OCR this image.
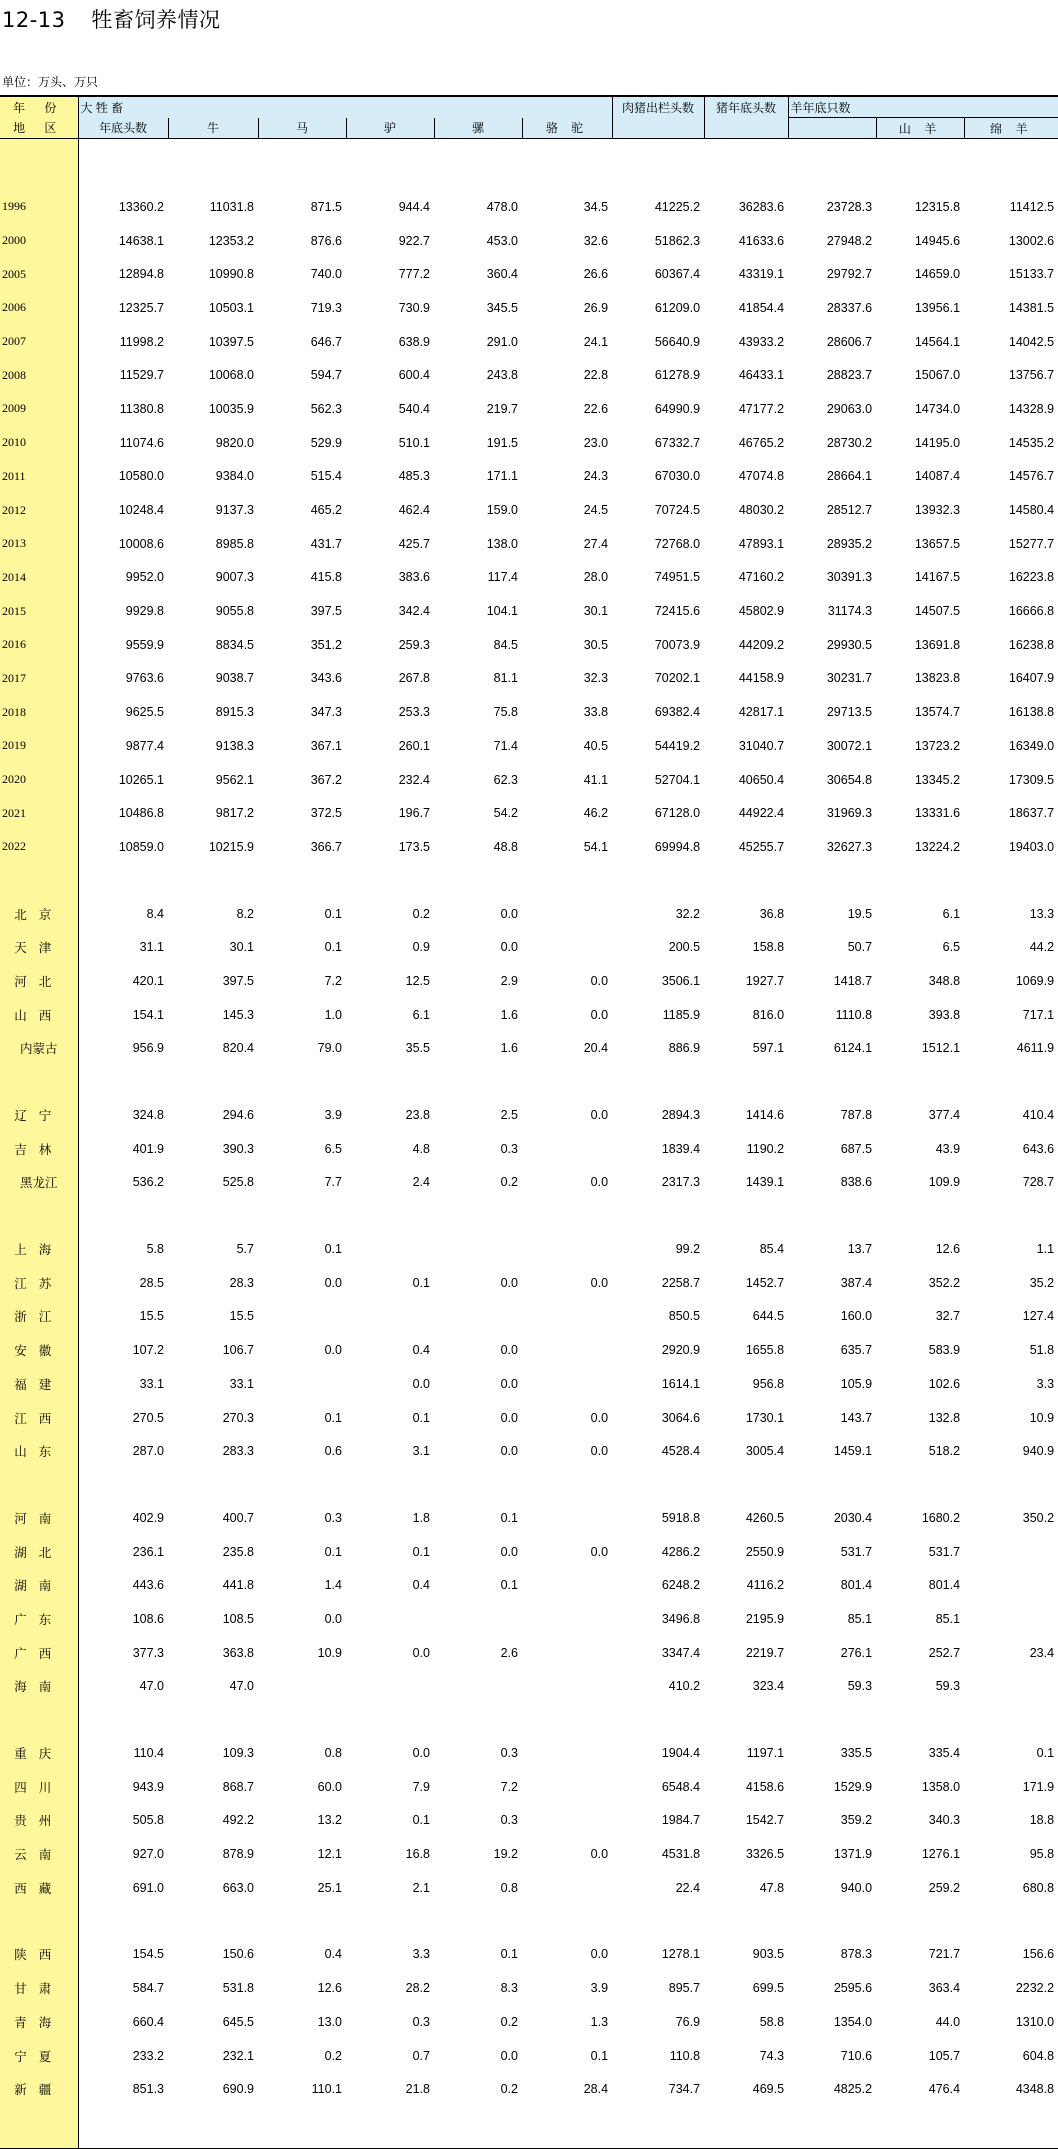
12-13 牲畜饲养情况
单位：万头、万只
年 份	大 牲 畜						肉猪出栏头数	猪年底头数	羊年底只数		
地 区	年底头数	牛	马	驴	骡	骆 驼				山 羊	绵 羊

1996	13360.2	11031.8	871.5	944.4	478.0	34.5	41225.2	36283.6	23728.3	12315.8	11412.5
2000	14638.1	12353.2	876.6	922.7	453.0	32.6	51862.3	41633.6	27948.2	14945.6	13002.6
2005	12894.8	10990.8	740.0	777.2	360.4	26.6	60367.4	43319.1	29792.7	14659.0	15133.7
2006	12325.7	10503.1	719.3	730.9	345.5	26.9	61209.0	41854.4	28337.6	13956.1	14381.5
2007	11998.2	10397.5	646.7	638.9	291.0	24.1	56640.9	43933.2	28606.7	14564.1	14042.5
2008	11529.7	10068.0	594.7	600.4	243.8	22.8	61278.9	46433.1	28823.7	15067.0	13756.7
2009	11380.8	10035.9	562.3	540.4	219.7	22.6	64990.9	47177.2	29063.0	14734.0	14328.9
2010	11074.6	9820.0	529.9	510.1	191.5	23.0	67332.7	46765.2	28730.2	14195.0	14535.2
2011	10580.0	9384.0	515.4	485.3	171.1	24.3	67030.0	47074.8	28664.1	14087.4	14576.7
2012	10248.4	9137.3	465.2	462.4	159.0	24.5	70724.5	48030.2	28512.7	13932.3	14580.4
2013	10008.6	8985.8	431.7	425.7	138.0	27.4	72768.0	47893.1	28935.2	13657.5	15277.7
2014	9952.0	9007.3	415.8	383.6	117.4	28.0	74951.5	47160.2	30391.3	14167.5	16223.8
2015	9929.8	9055.8	397.5	342.4	104.1	30.1	72415.6	45802.9	31174.3	14507.5	16666.8
2016	9559.9	8834.5	351.2	259.3	84.5	30.5	70073.9	44209.2	29930.5	13691.8	16238.8
2017	9763.6	9038.7	343.6	267.8	81.1	32.3	70202.1	44158.9	30231.7	13823.8	16407.9
2018	9625.5	8915.3	347.3	253.3	75.8	33.8	69382.4	42817.1	29713.5	13574.7	16138.8
2019	9877.4	9138.3	367.1	260.1	71.4	40.5	54419.2	31040.7	30072.1	13723.2	16349.0
2020	10265.1	9562.1	367.2	232.4	62.3	41.1	52704.1	40650.4	30654.8	13345.2	17309.5
2021	10486.8	9817.2	372.5	196.7	54.2	46.2	67128.0	44922.4	31969.3	13331.6	18637.7
2022	10859.0	10215.9	366.7	173.5	48.8	54.1	69994.8	45255.7	32627.3	13224.2	19403.0

北京	8.4	8.2	0.1	0.2	0.0		32.2	36.8	19.5	6.1	13.3
天津	31.1	30.1	0.1	0.9	0.0		200.5	158.8	50.7	6.5	44.2
河北	420.1	397.5	7.2	12.5	2.9	0.0	3506.1	1927.7	1418.7	348.8	1069.9
山西	154.1	145.3	1.0	6.1	1.6	0.0	1185.9	816.0	1110.8	393.8	717.1
内蒙古	956.9	820.4	79.0	35.5	1.6	20.4	886.9	597.1	6124.1	1512.1	4611.9

辽宁	324.8	294.6	3.9	23.8	2.5	0.0	2894.3	1414.6	787.8	377.4	410.4
吉林	401.9	390.3	6.5	4.8	0.3		1839.4	1190.2	687.5	43.9	643.6
黑龙江	536.2	525.8	7.7	2.4	0.2	0.0	2317.3	1439.1	838.6	109.9	728.7

上海	5.8	5.7	0.1				99.2	85.4	13.7	12.6	1.1
江苏	28.5	28.3	0.0	0.1	0.0	0.0	2258.7	1452.7	387.4	352.2	35.2
浙江	15.5	15.5					850.5	644.5	160.0	32.7	127.4
安徽	107.2	106.7	0.0	0.4	0.0		2920.9	1655.8	635.7	583.9	51.8
福建	33.1	33.1		0.0	0.0		1614.1	956.8	105.9	102.6	3.3
江西	270.5	270.3	0.1	0.1	0.0	0.0	3064.6	1730.1	143.7	132.8	10.9
山东	287.0	283.3	0.6	3.1	0.0	0.0	4528.4	3005.4	1459.1	518.2	940.9

河南	402.9	400.7	0.3	1.8	0.1		5918.8	4260.5	2030.4	1680.2	350.2
湖北	236.1	235.8	0.1	0.1	0.0	0.0	4286.2	2550.9	531.7	531.7	
湖南	443.6	441.8	1.4	0.4	0.1		6248.2	4116.2	801.4	801.4	
广东	108.6	108.5	0.0				3496.8	2195.9	85.1	85.1	
广西	377.3	363.8	10.9	0.0	2.6		3347.4	2219.7	276.1	252.7	23.4
海南	47.0	47.0					410.2	323.4	59.3	59.3	

重庆	110.4	109.3	0.8	0.0	0.3		1904.4	1197.1	335.5	335.4	0.1
四川	943.9	868.7	60.0	7.9	7.2		6548.4	4158.6	1529.9	1358.0	171.9
贵州	505.8	492.2	13.2	0.1	0.3		1984.7	1542.7	359.2	340.3	18.8
云南	927.0	878.9	12.1	16.8	19.2	0.0	4531.8	3326.5	1371.9	1276.1	95.8
西藏	691.0	663.0	25.1	2.1	0.8		22.4	47.8	940.0	259.2	680.8

陕西	154.5	150.6	0.4	3.3	0.1	0.0	1278.1	903.5	878.3	721.7	156.6
甘肃	584.7	531.8	12.6	28.2	8.3	3.9	895.7	699.5	2595.6	363.4	2232.2
青海	660.4	645.5	13.0	0.3	0.2	1.3	76.9	58.8	1354.0	44.0	1310.0
宁夏	233.2	232.1	0.2	0.7	0.0	0.1	110.8	74.3	710.6	105.7	604.8
新疆	851.3	690.9	110.1	21.8	0.2	28.4	734.7	469.5	4825.2	476.4	4348.8
